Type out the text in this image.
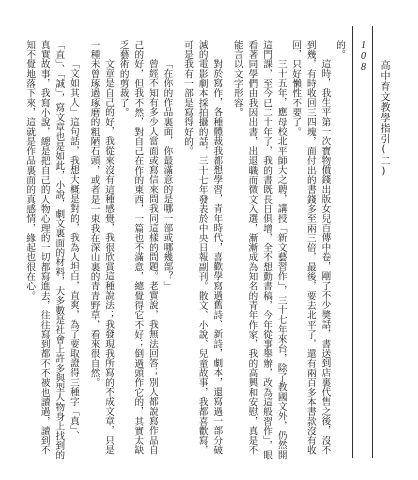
高中育文教學指引(二)
108

的。

這時，我生平第一次寶物價錢出版女兒百傳中卷，剛了不少奬話，書送到店裏代售之後，沒不到幾，有時收回三四塊，面付出的書錢多至兩三倍，最後，要去北平了，還有兩百多本書款沒有收回，只好懶性不要了。

三十五年，應母校北平師大之聘，講授「新文藝習作」，三十七年來台，除了教國文外，仍然開這門課，至今已二十年了，我的書既長日俱增，全不想動書稿，今年從事舉辦，改為這般習作」，眼看著同學們由我因出書，出退職而微文入選，漸漸成為知名的青年作家，我的高興和安慰，真是不能言以文字形容。

對於寫作，各種體裁我都想學習，青年時代，喜歡學寫過舊詩、新詩，劇本，還寫過一部分破滅的電影劇本採拍攝的話，三十七年發表於中央日報副刊。散文、小說、兒童故事，我都喜歡寫，可是我有一部是寫得好的。

「在你的作品裏面，你最滿意的是哪一部或哪幾部？」

曾經不知有多少人當面或寫信來問我同這樣的問題。老實說，我無法回答；別人都說寫作品自己的好，但我不然，對自己在作的東西，一篇也不滿意，總覺得它不好；倒過頭作它的，其實太缺乏藝術的剪裁了。

文章是自己的好，我從來沒有這種感覺，我很欣賞這種說法；我發現我所寫的不成文章，只是一種未曾琢過琢磨的粗陋石頭，或者是一束我在深山裏的青青野草，看來很自然。

「文如其人」這句話，我想大概是對的，我為人坦白，直爽，為了要取證得三種字「真」、「直」、「誠」，寫文章也是如此，小說，劇文裏面的材料，大多數是社會上許多與型人物身上找到的真實故事，我寫小說，總是把自己的人物心理的一切都寫進去，往往寫到都不不被也讀過，讀到不知不覺地落下來，這就是作品裏面的真感情，緣起也很在心。
